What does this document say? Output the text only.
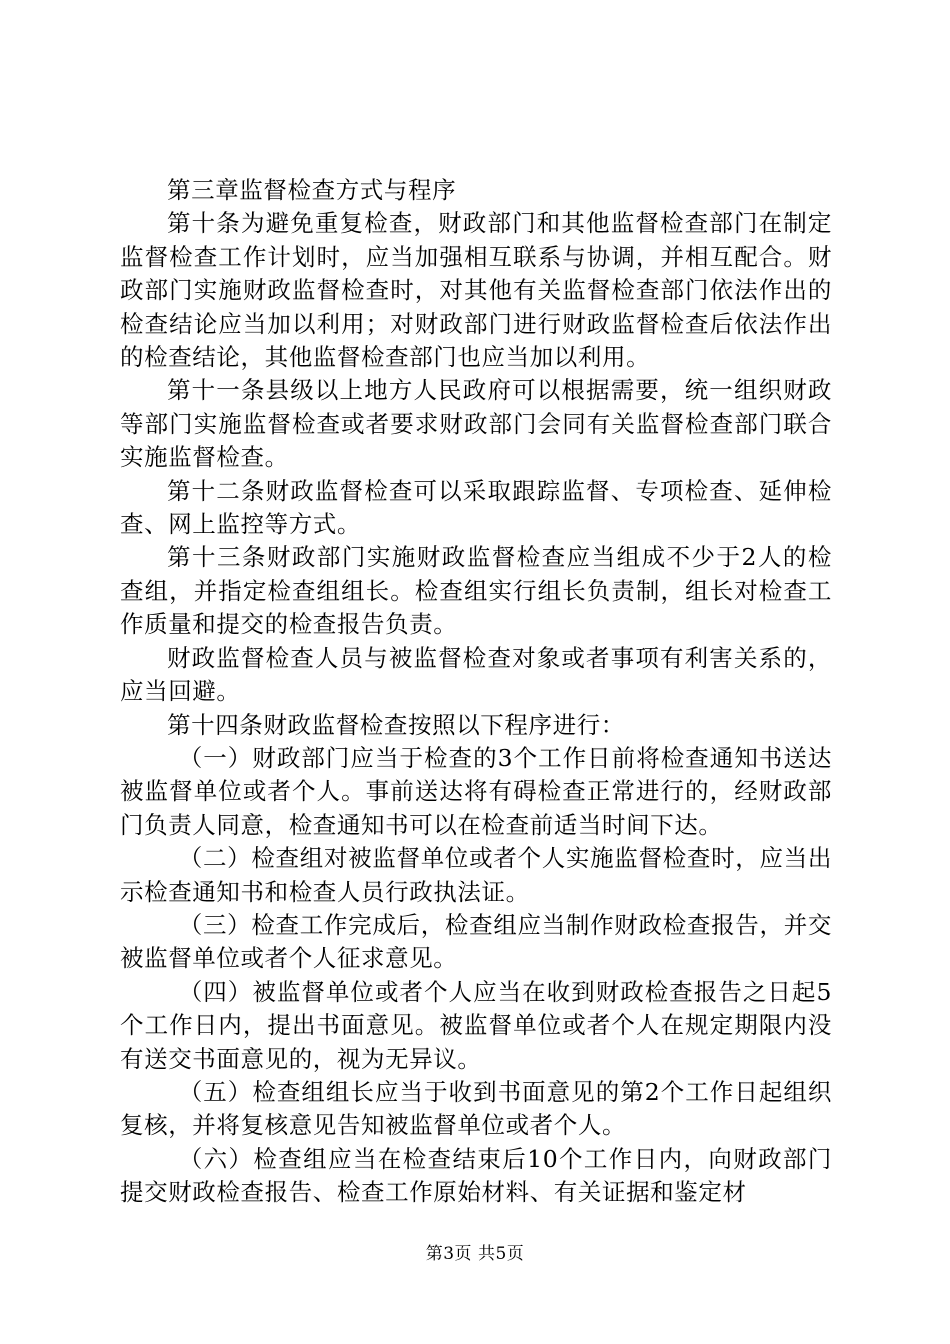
第三章监督检查方式与程序

第十条为避免重复检查，财政部门和其他监督检查部门在制定监督检查工作计划时，应当加强相互联系与协调，并相互配合。财政部门实施财政监督检查时，对其他有关监督检查部门依法作出的检查结论应当加以利用；对财政部门进行财政监督检查后依法作出的检查结论，其他监督检查部门也应当加以利用。

第十一条县级以上地方人民政府可以根据需要，统一组织财政等部门实施监督检查或者要求财政部门会同有关监督检查部门联合实施监督检查。

第十二条财政监督检查可以采取跟踪监督、专项检查、延伸检查、网上监控等方式。

第十三条财政部门实施财政监督检查应当组成不少于2人的检查组，并指定检查组组长。检查组实行组长负责制，组长对检查工作质量和提交的检查报告负责。

财政监督检查人员与被监督检查对象或者事项有利害关系的，应当回避。

第十四条财政监督检查按照以下程序进行：

（一）财政部门应当于检查的3个工作日前将检查通知书送达被监督单位或者个人。事前送达将有碍检查正常进行的，经财政部门负责人同意，检查通知书可以在检查前适当时间下达。

（二）检查组对被监督单位或者个人实施监督检查时，应当出示检查通知书和检查人员行政执法证。

（三）检查工作完成后，检查组应当制作财政检查报告，并交被监督单位或者个人征求意见。

（四）被监督单位或者个人应当在收到财政检查报告之日起5个工作日内，提出书面意见。被监督单位或者个人在规定期限内没有送交书面意见的，视为无异议。

（五）检查组组长应当于收到书面意见的第2个工作日起组织复核，并将复核意见告知被监督单位或者个人。

（六）检查组应当在检查结束后10个工作日内，向财政部门提交财政检查报告、检查工作原始材料、有关证据和鉴定材

第3页 共5页
